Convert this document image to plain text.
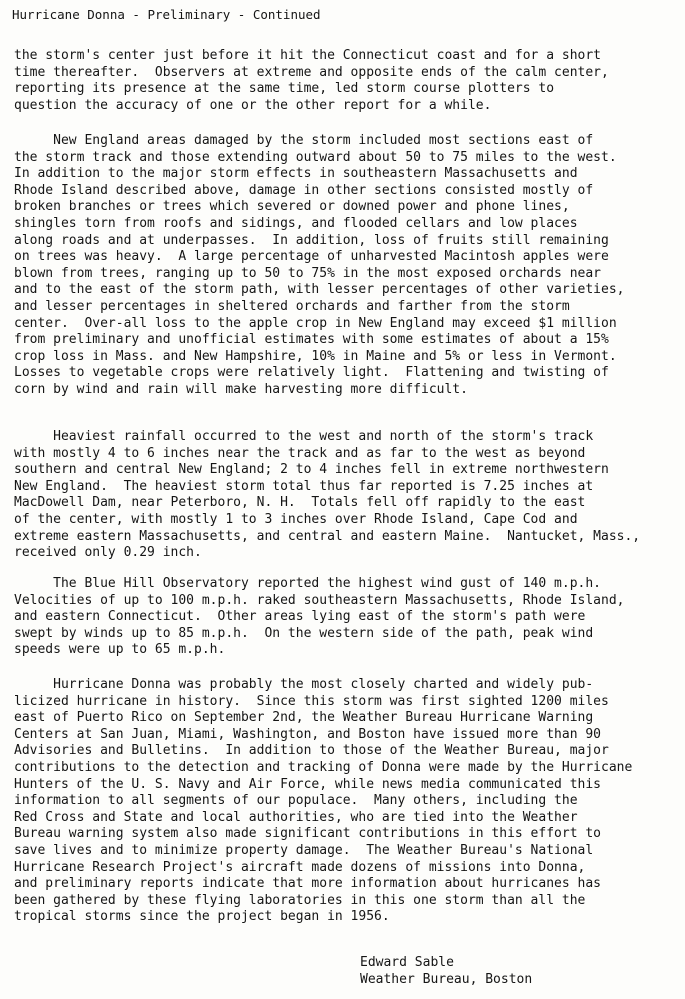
Hurricane Donna - Preliminary - Continued

the storm's center just before it hit the Connecticut coast and for a short
time thereafter.  Observers at extreme and opposite ends of the calm center,
reporting its presence at the same time, led storm course plotters to
question the accuracy of one or the other report for a while.
New England areas damaged by the storm included most sections east of
the storm track and those extending outward about 50 to 75 miles to the west.
In addition to the major storm effects in southeastern Massachusetts and
Rhode Island described above, damage in other sections consisted mostly of
broken branches or trees which severed or downed power and phone lines,
shingles torn from roofs and sidings, and flooded cellars and low places
along roads and at underpasses.  In addition, loss of fruits still remaining
on trees was heavy.  A large percentage of unharvested Macintosh apples were
blown from trees, ranging up to 50 to 75% in the most exposed orchards near
and to the east of the storm path, with lesser percentages of other varieties,
and lesser percentages in sheltered orchards and farther from the storm
center.  Over-all loss to the apple crop in New England may exceed $1 million
from preliminary and unofficial estimates with some estimates of about a 15%
crop loss in Mass. and New Hampshire, 10% in Maine and 5% or less in Vermont.
Losses to vegetable crops were relatively light.  Flattening and twisting of
corn by wind and rain will make harvesting more difficult.
Heaviest rainfall occurred to the west and north of the storm's track
with mostly 4 to 6 inches near the track and as far to the west as beyond
southern and central New England; 2 to 4 inches fell in extreme northwestern
New England.  The heaviest storm total thus far reported is 7.25 inches at
MacDowell Dam, near Peterboro, N. H.  Totals fell off rapidly to the east
of the center, with mostly 1 to 3 inches over Rhode Island, Cape Cod and
extreme eastern Massachusetts, and central and eastern Maine.  Nantucket, Mass.,
received only 0.29 inch.
The Blue Hill Observatory reported the highest wind gust of 140 m.p.h.
Velocities of up to 100 m.p.h. raked southeastern Massachusetts, Rhode Island,
and eastern Connecticut.  Other areas lying east of the storm's path were
swept by winds up to 85 m.p.h.  On the western side of the path, peak wind
speeds were up to 65 m.p.h.
Hurricane Donna was probably the most closely charted and widely pub-
licized hurricane in history.  Since this storm was first sighted 1200 miles
east of Puerto Rico on September 2nd, the Weather Bureau Hurricane Warning
Centers at San Juan, Miami, Washington, and Boston have issued more than 90
Advisories and Bulletins.  In addition to those of the Weather Bureau, major
contributions to the detection and tracking of Donna were made by the Hurricane
Hunters of the U. S. Navy and Air Force, while news media communicated this
information to all segments of our populace.  Many others, including the
Red Cross and State and local authorities, who are tied into the Weather
Bureau warning system also made significant contributions in this effort to
save lives and to minimize property damage.  The Weather Bureau's National
Hurricane Research Project's aircraft made dozens of missions into Donna,
and preliminary reports indicate that more information about hurricanes has
been gathered by these flying laboratories in this one storm than all the
tropical storms since the project began in 1956.
Edward Sable
Weather Bureau, Boston
